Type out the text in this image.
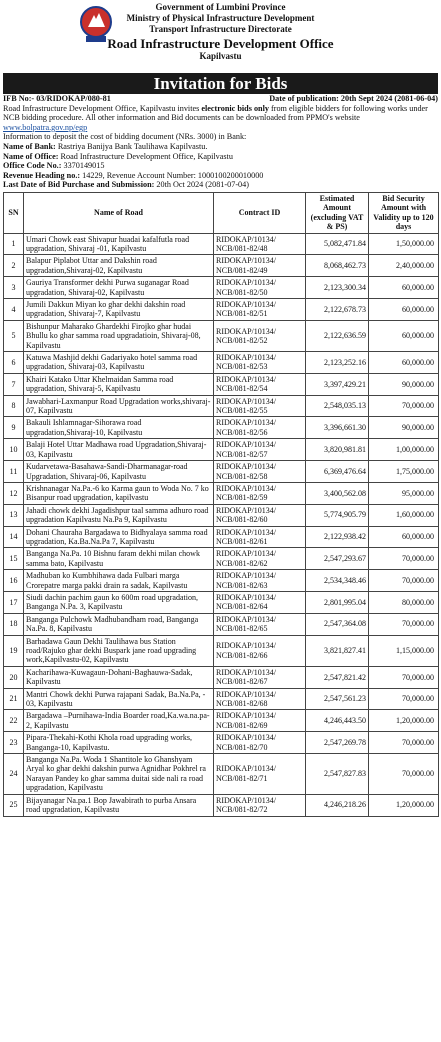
Government of Lumbini Province
Ministry of Physical Infrastructure Development
Transport Infrastructure Directorate
Road Infrastructure Development Office
Kapilvastu
Invitation for Bids
IFB No:- 03/RIDOKAP/080-81	Date of publication: 20th Sept 2024 (2081-06-04)
Road Infrastructure Development Office, Kapilvastu invites electronic bids only from eligible bidders for following works under NCB bidding procedure. All other information and Bid documents can be downloaded from PPMO's website www.bolpatra.gov.np/egp
Information to deposit the cost of bidding document (NRs. 3000) in Bank:
Name of Bank: Rastriya Banijya Bank Taulihawa Kapilvastu.
Name of Office: Road Infrastructure Development Office, Kapilvastu
Office Code No.: 3370149015
Revenue Heading no.: 14229, Revenue Account Number: 1000100200010000
Last Date of Bid Purchase and Submission: 20th Oct 2024 (2081-07-04)
SN	Name of Road	Contract ID	Estimated Amount (excluding VAT & PS)	Bid Security Amount with Validity up to 120 days
1	Umari Chowk east Shivapur huadai kafalfutla road upgradation, Shivaraj -01, Kapilvastu	RIDOKAP/10134/ NCB/081-82/48	5,082,471.84	1,50,000.00
2	Balapur Piplabot Uttar and Dakshin road upgradation,Shivaraj-02, Kapilvastu	RIDOKAP/10134/ NCB/081-82/49	8,068,462.73	2,40,000.00
3	Gauriya Transformer dekhi Purwa suganagar Road upgradation, Shivaraj-02, Kapilvastu	RIDOKAP/10134/ NCB/081-82/50	2,123,300.34	60,000.00
4	Jumili Dakkun Miyan ko ghar dekhi dakshin road upgradation, Shivaraj-7, Kapilvastu	RIDOKAP/10134/ NCB/081-82/51	2,122,678.73	60,000.00
5	Bishunpur Maharako Ghardekhi Firojko ghar hudai Bhullu ko ghar samma road upgradatioin, Shivaraj-08, Kapilvastu	RIDOKAP/10134/ NCB/081-82/52	2,122,636.59	60,000.00
6	Katuwa Mashjid dekhi Gadariyako hotel samma road upgradation, Shivaraj-03, Kapilvastu	RIDOKAP/10134/ NCB/081-82/53	2,123,252.16	60,000.00
7	Khairi Katako Uttar Khelmaidan Samma road upgradation, Shivaraj-5, Kapilvastu	RIDOKAP/10134/ NCB/081-82/54	3,397,429.21	90,000.00
8	Jawabhari-Laxmanpur Road Upgradation works,shivaraj-07, Kapilvastu	RIDOKAP/10134/ NCB/081-82/55	2,548,035.13	70,000.00
9	Bakauli Ishlamnagar-Sihorawa road upgradation,Shivaraj-10, Kapilvastu	RIDOKAP/10134/ NCB/081-82/56	3,396,661.30	90,000.00
10	Balaji Hotel Uttar Madhawa road Upgradation,Shivaraj-03, Kapilvastu	RIDOKAP/10134/ NCB/081-82/57	3,820,981.81	1,00,000.00
11	Kudarvetawa-Basahawa-Sandi-Dharmanagar-road Upgradation, Shivaraj-06, Kapilvastu	RIDOKAP/10134/ NCB/081-82/58	6,369,476.64	1,75,000.00
12	Krishnanagar Na.Pa.-6 ko Karma gaun to Woda No. 7 ko Bisanpur road upgradation, kapilvastu	RIDOKAP/10134/ NCB/081-82/59	3,400,562.08	95,000.00
13	Jahadi chowk dekhi Jagadishpur taal samma adhuro road upgradation Kapilvastu Na.Pa 9, Kapilvastu	RIDOKAP/10134/ NCB/081-82/60	5,774,905.79	1,60,000.00
14	Dohani Chauraha Bargadawa to Bidhyalaya samma road upgradation, Ka.Ba.Na.Pa 7, Kapilvastu	RIDOKAP/10134/ NCB/081-82/61	2,122,938.42	60,000.00
15	Banganga Na.Pa. 10 Bishnu faram dekhi milan chowk samma bato, Kapilvastu	RIDOKAP/10134/ NCB/081-82/62	2,547,293.67	70,000.00
16	Madhuban ko Kumbhihawa dada Fulbari marga Crorepatre marga pakki drain ra sadak, Kapilvastu	RIDOKAP/10134/ NCB/081-82/63	2,534,348.46	70,000.00
17	Siudi dachin pachim gaun ko 600m road upgradation, Banganga N.Pa. 3, Kapilvastu	RIDOKAP/10134/ NCB/081-82/64	2,801,995.04	80,000.00
18	Banganga Pulchowk Madhubandham road, Banganga Na.Pa. 8, Kapilvastu	RIDOKAP/10134/ NCB/081-82/65	2,547,364.08	70,000.00
19	Barhadawa Gaun Dekhi Taulihawa bus Station road/Rajuko ghar dekhi Buspark jane road upgrading work,Kapilvastu-02, Kapilvastu	RIDOKAP/10134/ NCB/081-82/66	3,821,827.41	1,15,000.00
20	Kacharihawa-Kuwagaun-Dohani-Baghauwa-Sadak, Kapilvastu	RIDOKAP/10134/ NCB/081-82/67	2,547,821.42	70,000.00
21	Mantri Chowk dekhi Purwa rajapani Sadak, Ba.Na.Pa, - 03, Kapilvastu	RIDOKAP/10134/ NCB/081-82/68	2,547,561.23	70,000.00
22	Bargadawa –Purnihawa-India Boarder road,Ka.wa.na.pa-2, Kapilvastu	RIDOKAP/10134/ NCB/081-82/69	4,246,443.50	1,20,000.00
23	Pipara-Thekahi-Kothi Khola road upgrading works, Banganga-10, Kapilvastu.	RIDOKAP/10134/ NCB/081-82/70	2,547,269.78	70,000.00
24	Banganga Na.Pa. Woda 1 Shantitole ko Ghanshyam Aryal ko ghar dekhi dakshin purwa Agnidhar Pokhrel ra Narayan Pandey ko ghar samma duitai side nali ra road upgradation, Kapilvastu	RIDOKAP/10134/ NCB/081-82/71	2,547,827.83	70,000.00
25	Bijayanagar Na.pa.1 Bop Jawabirath to purba Ansara road upgradation, Kapilvastu	RIDOKAP/10134/ NCB/081-82/72	4,246,218.26	1,20,000.00
